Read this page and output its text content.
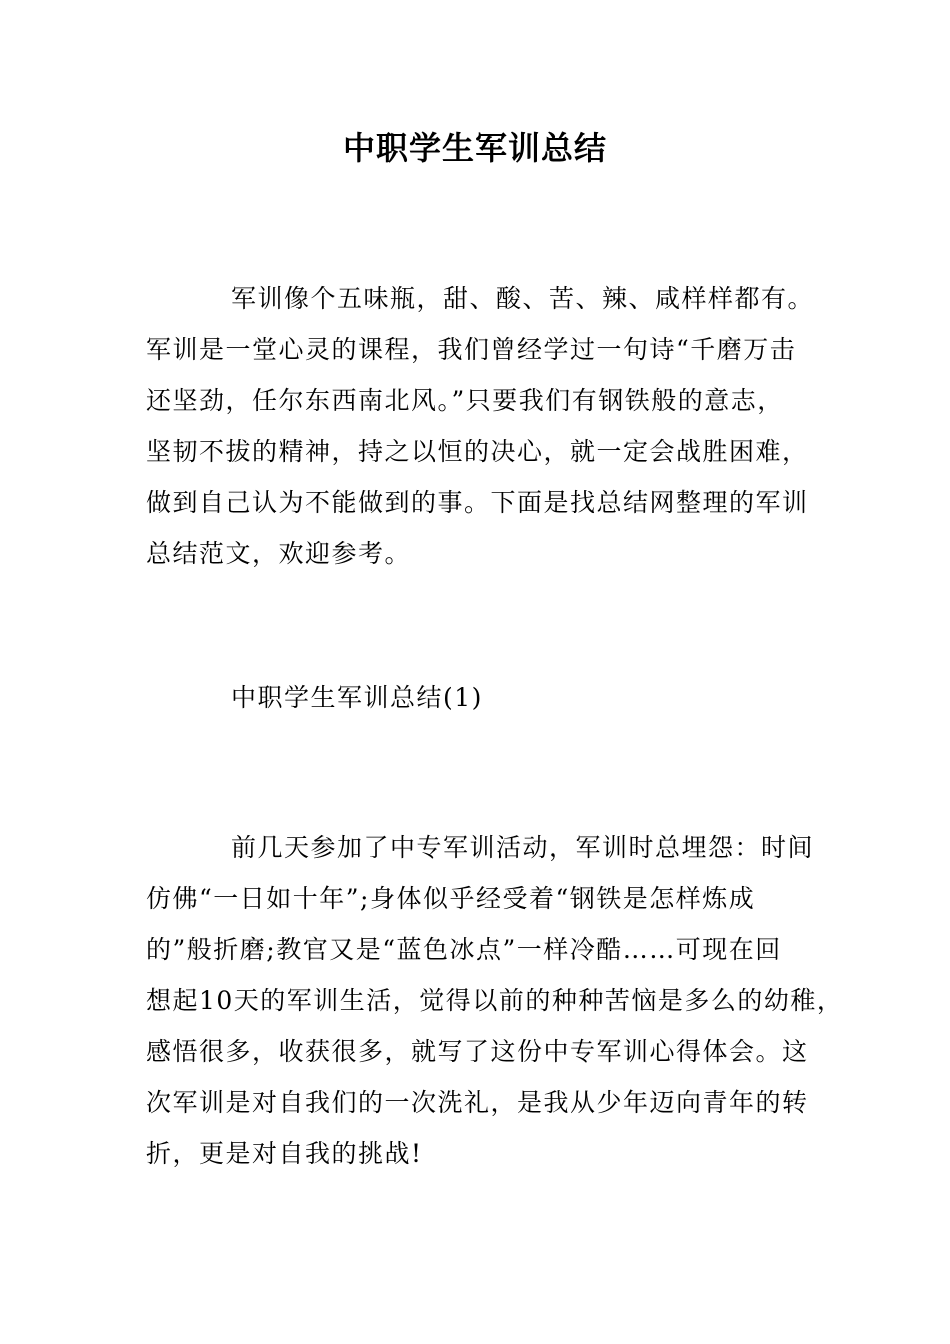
中职学生军训总结
军训像个五味瓶，甜、酸、苦、辣、咸样样都有。
军训是一堂心灵的课程，我们曾经学过一句诗“千磨万击
还坚劲，任尔东西南北风。”只要我们有钢铁般的意志，
坚韧不拔的精神，持之以恒的决心，就一定会战胜困难，
做到自己认为不能做到的事。下面是找总结网整理的军训
总结范文，欢迎参考。
中职学生军训总结(1)
前几天参加了中专军训活动，军训时总埋怨：时间
仿佛“一日如十年”;身体似乎经受着“钢铁是怎样炼成
的”般折磨;教官又是“蓝色冰点”一样冷酷……可现在回
想起10天的军训生活，觉得以前的种种苦恼是多么的幼稚，
感悟很多，收获很多，就写了这份中专军训心得体会。这
次军训是对自我们的一次洗礼，是我从少年迈向青年的转
折，更是对自我的挑战!
